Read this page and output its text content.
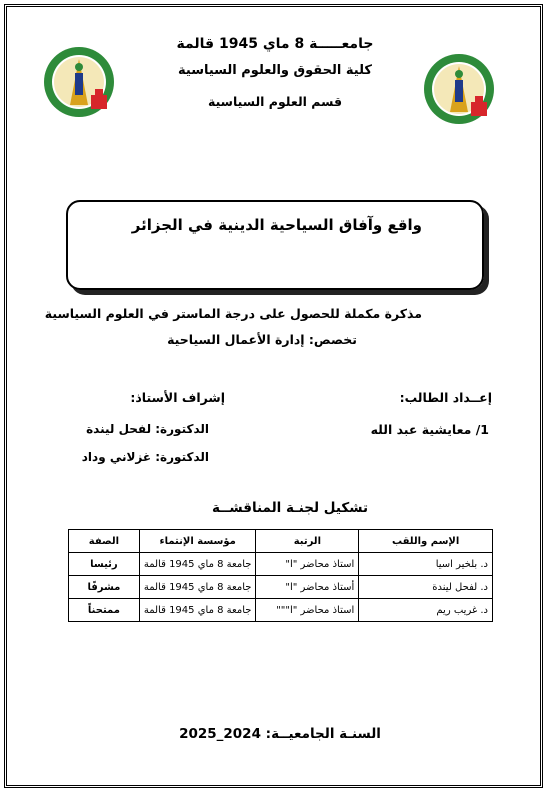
جامعـــــة 8 ماي 1945 قالمة
كلية الحقوق والعلوم السياسية
قسم العلوم السياسية
واقع وآفاق السياحية الدينية في الجزائر
مذكرة مكملة للحصول على درجة الماستر في العلوم السياسية
تخصص: إدارة الأعمال السياحية
إعــداد الطالب:
إشراف الأستاذ:
1/ معايشية عبد الله
الدكتورة: لفحل ليندة
الدكتورة: غزلاني وداد
تشكيل لجنـة المناقشــة
الإسم واللقب	الرتبة	مؤسسة الإنتماء	الصفة
د. بلخير اسيا	استاذ محاضر "ا"	جامعة 8 ماي 1945 قالمة	رئيسا
د. لفحل ليندة	أستاذ محاضر "ا"	جامعة 8 ماي 1945 قالمة	مشرفًا
د. غريب ريم	استاذ محاضر "ا"""	جامعة 8 ماي 1945 قالمة	ممتحناً
السنـة الجامعيــة: 2024_2025
